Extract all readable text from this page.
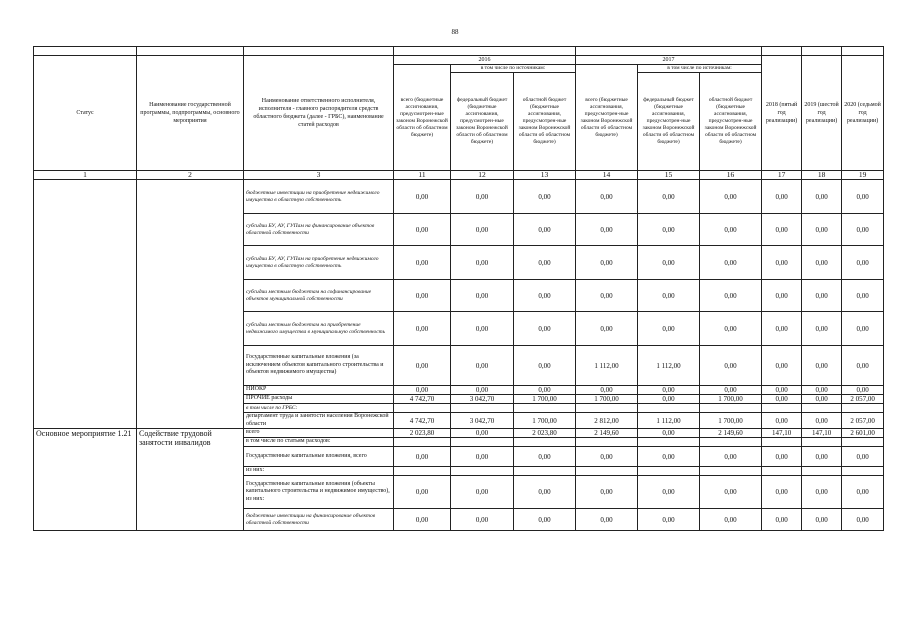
88

Статус	Наименование государственной программы, подпрограммы, основного мероприятия	Наименование ответственного исполнителя, исполнителя - главного распорядителя средств областного бюджета (далее - ГРБС), наименование статей расходов	2016			2017			2018 (пятый год реализации)	2019 (шестой год реализации)	2020 (седьмой год реализации)
			всего (бюджетные ассигнования, предусмотрен-ные законом Воронежской области об областном бюджете)	в том числе по источникам:		всего (бюджетные ассигнования, предусмотрен-ные законом Воронежской области об областном бюджете)	в том числе по источникам:				
				федеральный бюджет (бюджетные ассигнования, предусмотрен-ные законом Воронежской области об областном бюджете)	областной бюджет (бюджетные ассигнования, предусмотрен-ные законом Воронежской области об областном бюджете)		федеральный бюджет (бюджетные ассигнования, предусмотрен-ные законом Воронежской области об областном бюджете)	областной бюджет (бюджетные ассигнования, предусмотрен-ные законом Воронежской области об областном бюджете)			
1	2	3	11	12	13	14	15	16	17	18	19
		бюджетные инвестиции на приобретение недвижимого имущества в областную собственность	0,00	0,00	0,00	0,00	0,00	0,00	0,00	0,00	0,00
		субсидии БУ, АУ, ГУПам на финансирование объектов областной собственности	0,00	0,00	0,00	0,00	0,00	0,00	0,00	0,00	0,00
		субсидии БУ, АУ, ГУПам на приобретение недвижимого имущества в областную собственность	0,00	0,00	0,00	0,00	0,00	0,00	0,00	0,00	0,00
		субсидии местным бюджетам на софинансирование объектов муниципальной собственности	0,00	0,00	0,00	0,00	0,00	0,00	0,00	0,00	0,00
		субсидии местным бюджетам на приобретение недвижимого имущества в муниципальную собственность	0,00	0,00	0,00	0,00	0,00	0,00	0,00	0,00	0,00
		Государственные капитальные вложения (за исключением объектов капитального строительства и объектов недвижимого имущества)	0,00	0,00	0,00	1 112,00	1 112,00	0,00	0,00	0,00	0,00
		НИОКР	0,00	0,00	0,00	0,00	0,00	0,00	0,00	0,00	0,00
		ПРОЧИЕ расходы	4 742,70	3 042,70	1 700,00	1 700,00	0,00	1 700,00	0,00	0,00	2 057,00
		в том числе по ГРБС:									
		департамент труда и занятости населения Воронежской области	4 742,70	3 042,70	1 700,00	2 812,00	1 112,00	1 700,00	0,00	0,00	2 057,00
Основное мероприятие 1.21	Содействие трудовой занятости инвалидов	всего	2 023,80	0,00	2 023,80	2 149,60	0,00	2 149,60	147,10	147,10	2 601,00
		в том числе по статьям расходов:									
		Государственные капитальные вложения, всего	0,00	0,00	0,00	0,00	0,00	0,00	0,00	0,00	0,00
		из них:									
		Государственные капитальные вложения (объекты капитального строительства и недвижимое имущество), из них:	0,00	0,00	0,00	0,00	0,00	0,00	0,00	0,00	0,00
		бюджетные инвестиции на финансирование объектов областной собственности	0,00	0,00	0,00	0,00	0,00	0,00	0,00	0,00	0,00
